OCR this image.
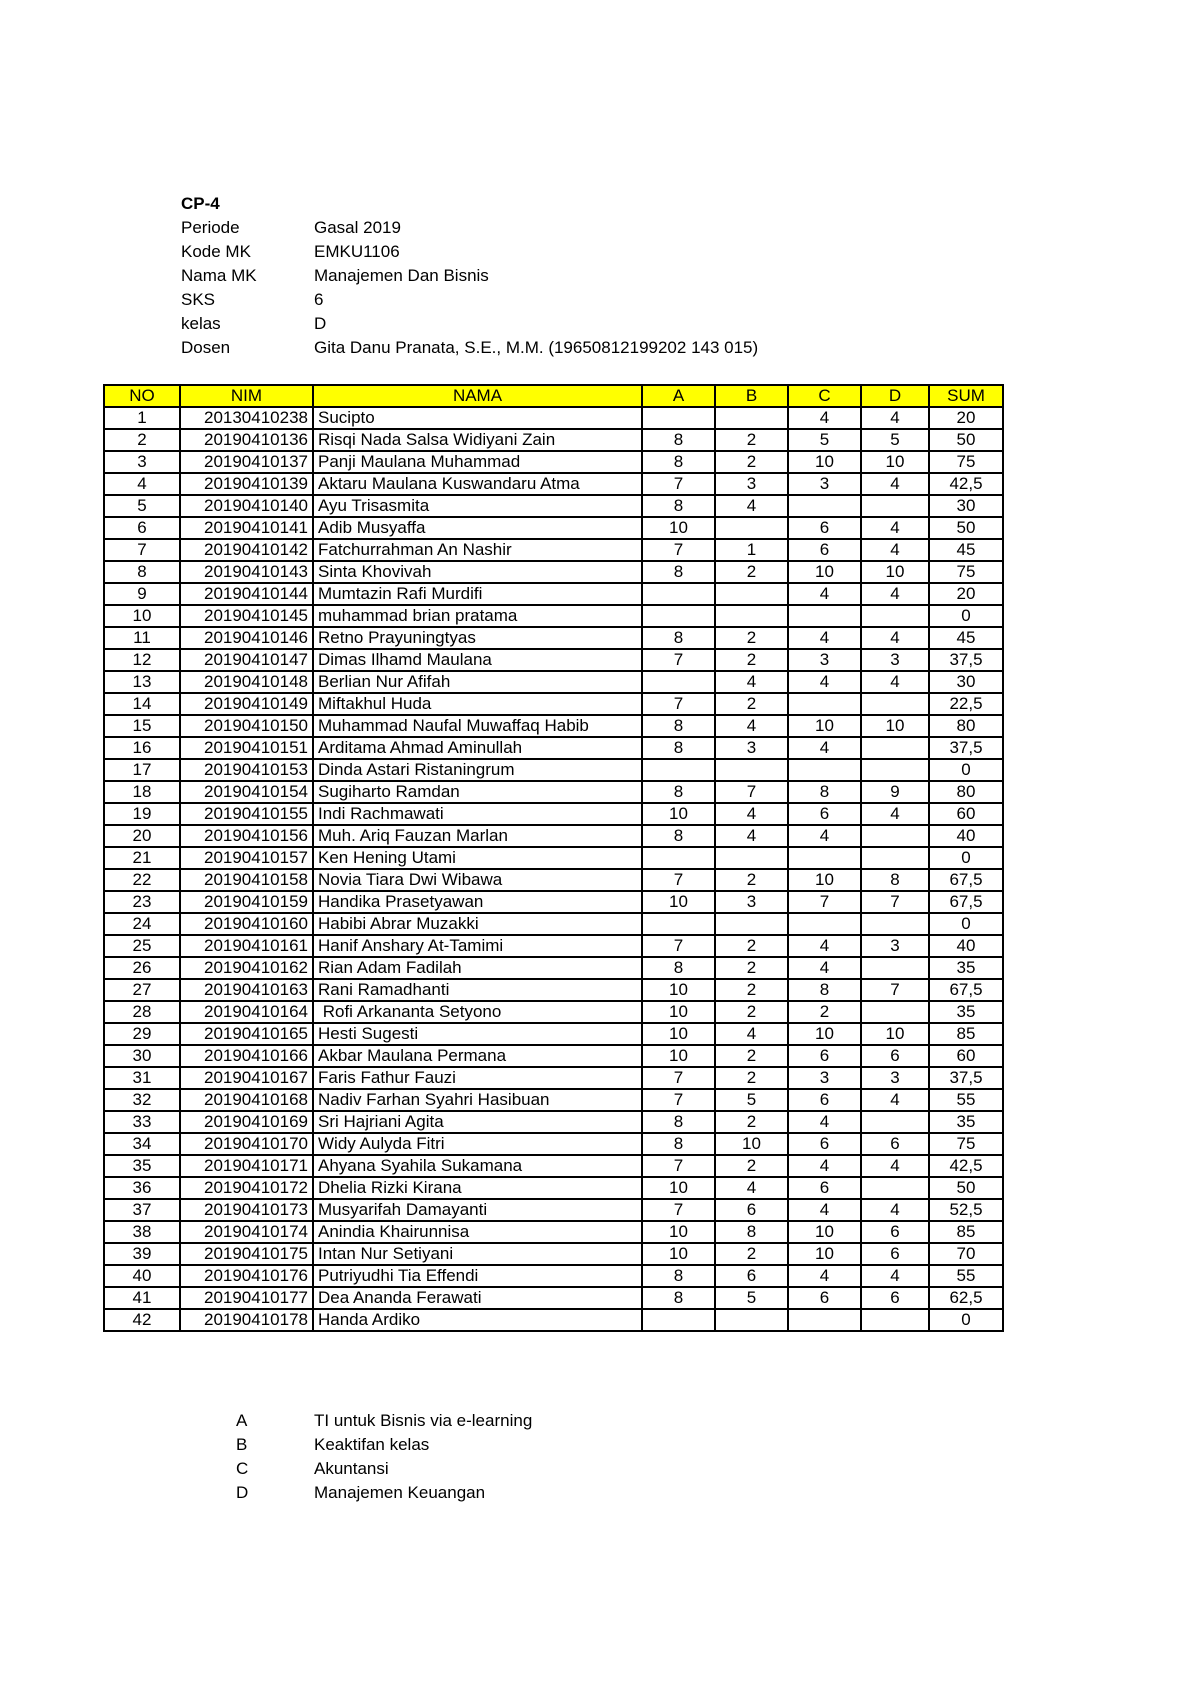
CP-4
Periode	Gasal 2019
Kode MK	EMKU1106
Nama MK	Manajemen Dan Bisnis
SKS	6
kelas	D
Dosen	Gita Danu Pranata, S.E., M.M. (19650812199202 143 015)
NO	NIM	NAMA	A	B	C	D	SUM
1	20130410238	Sucipto			4	4	20
2	20190410136	Risqi Nada Salsa Widiyani Zain	8	2	5	5	50
3	20190410137	Panji Maulana Muhammad	8	2	10	10	75
4	20190410139	Aktaru Maulana Kuswandaru Atma	7	3	3	4	42,5
5	20190410140	Ayu Trisasmita	8	4			30
6	20190410141	Adib Musyaffa	10		6	4	50
7	20190410142	Fatchurrahman An Nashir	7	1	6	4	45
8	20190410143	Sinta Khovivah	8	2	10	10	75
9	20190410144	Mumtazin Rafi Murdifi			4	4	20
10	20190410145	muhammad brian pratama					0
11	20190410146	Retno Prayuningtyas	8	2	4	4	45
12	20190410147	Dimas Ilhamd Maulana	7	2	3	3	37,5
13	20190410148	Berlian Nur Afifah		4	4	4	30
14	20190410149	Miftakhul Huda	7	2			22,5
15	20190410150	Muhammad Naufal Muwaffaq Habib	8	4	10	10	80
16	20190410151	Arditama Ahmad Aminullah	8	3	4		37,5
17	20190410153	Dinda Astari Ristaningrum					0
18	20190410154	Sugiharto Ramdan	8	7	8	9	80
19	20190410155	Indi Rachmawati	10	4	6	4	60
20	20190410156	Muh. Ariq Fauzan Marlan	8	4	4		40
21	20190410157	Ken Hening Utami					0
22	20190410158	Novia Tiara Dwi Wibawa	7	2	10	8	67,5
23	20190410159	Handika Prasetyawan	10	3	7	7	67,5
24	20190410160	Habibi Abrar Muzakki					0
25	20190410161	Hanif Anshary At-Tamimi	7	2	4	3	40
26	20190410162	Rian Adam Fadilah	8	2	4		35
27	20190410163	Rani Ramadhanti	10	2	8	7	67,5
28	20190410164	Rofi Arkananta Setyono	10	2	2		35
29	20190410165	Hesti Sugesti	10	4	10	10	85
30	20190410166	Akbar Maulana Permana	10	2	6	6	60
31	20190410167	Faris Fathur Fauzi	7	2	3	3	37,5
32	20190410168	Nadiv Farhan Syahri Hasibuan	7	5	6	4	55
33	20190410169	Sri Hajriani Agita	8	2	4		35
34	20190410170	Widy Aulyda Fitri	8	10	6	6	75
35	20190410171	Ahyana Syahila Sukamana	7	2	4	4	42,5
36	20190410172	Dhelia Rizki Kirana	10	4	6		50
37	20190410173	Musyarifah Damayanti	7	6	4	4	52,5
38	20190410174	Anindia Khairunnisa	10	8	10	6	85
39	20190410175	Intan Nur Setiyani	10	2	10	6	70
40	20190410176	Putriyudhi Tia Effendi	8	6	4	4	55
41	20190410177	Dea Ananda Ferawati	8	5	6	6	62,5
42	20190410178	Handa Ardiko					0
A	TI untuk Bisnis via e-learning
B	Keaktifan kelas
C	Akuntansi
D	Manajemen Keuangan
